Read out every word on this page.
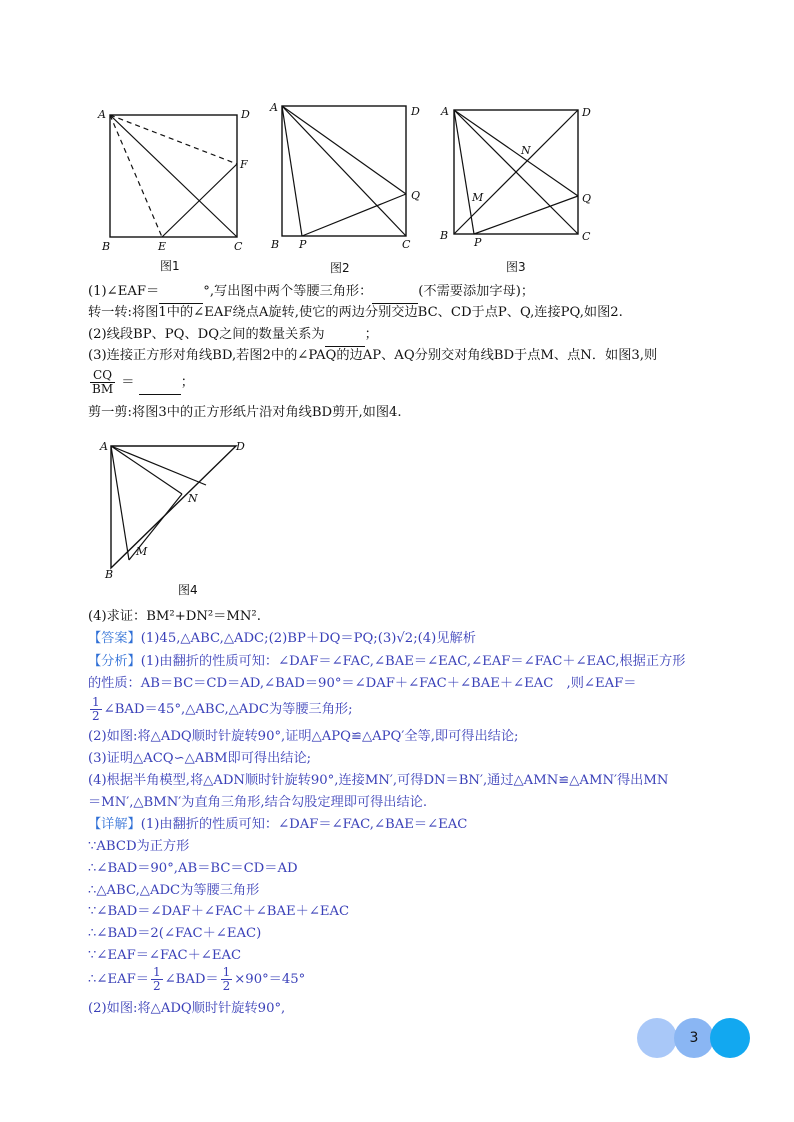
A	D
F
B	E	C
图1
A	D
Q
B P	C
图2
A	D
N
M	Q
B
P	C
图3
(1)∠EAF＝	°,写出图中两个等腰三角形：	(不需要添加字母)；
转一转:将图1中的∠EAF绕点A旋转,使它的两边分别交边BC、CD于点P、Q,连接PQ,如图2.
(2)线段BP、PQ、DQ之间的数量关系为	；
(3)连接正方形对角线BD,若图2中的∠PAQ的边AP、AQ分别交对角线BD于点M、点N．如图3,则
$\frac{CQ}{BM}$ ＝	；
剪一剪:将图3中的正方形纸片沿对角线BD剪开,如图4.
A	D
N
M
B
图4
(4)求证：BM²+DN²＝MN².
【答案】(1)45,△ABC,△ADC;(2)BP＋DQ＝PQ;(3)√2;(4)见解析
【分析】(1)由翻折的性质可知：∠DAF＝∠FAC,∠BAE＝∠EAC,∠EAF＝∠FAC＋∠EAC,根据正方形
的性质：AB＝BC＝CD＝AD,∠BAD＝90°＝∠DAF＋∠FAC＋∠BAE＋∠EAC　,则∠EAF＝
$\frac{1}{2}$ ∠BAD＝45°,△ABC,△ADC为等腰三角形;
(2)如图:将△ADQ顺时针旋转90°,证明△APQ≌△APQ′全等,即可得出结论;
(3)证明△ACQ∽△ABM即可得出结论;
(4)根据半角模型,将△ADN顺时针旋转90°,连接MN′,可得DN＝BN′,通过△AMN≌△AMN′得出MN
＝MN′,△BMN′为直角三角形,结合勾股定理即可得出结论.
【详解】(1)由翻折的性质可知：∠DAF＝∠FAC,∠BAE＝∠EAC
∵ABCD为正方形
∴∠BAD＝90°,AB＝BC＝CD＝AD
∴△ABC,△ADC为等腰三角形
∵∠BAD＝∠DAF＋∠FAC＋∠BAE＋∠EAC
∴∠BAD＝2(∠FAC＋∠EAC)
∵∠EAF＝∠FAC＋∠EAC
∴∠EAF＝ $\frac{1}{2}$ ∠BAD＝ $\frac{1}{2} \times 90^\circ=45^\circ$
(2)如图:将△ADQ顺时针旋转90°,
3
